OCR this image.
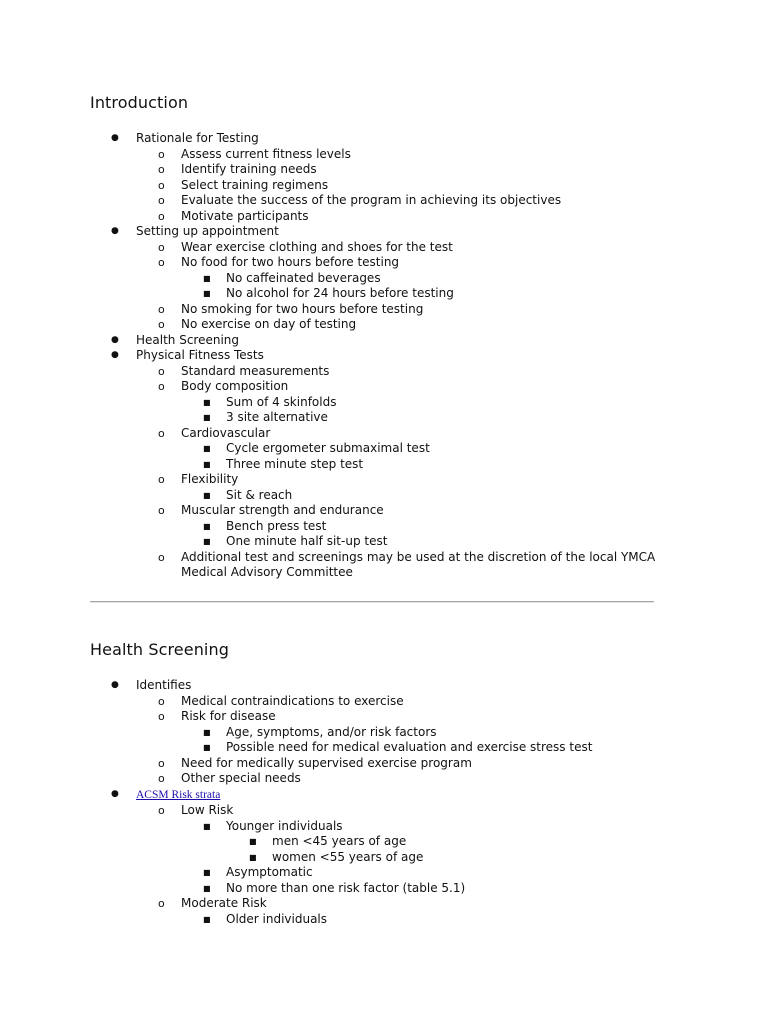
Introduction
● Rationale for Testing
o Assess current fitness levels
o Identify training needs
o Select training regimens
o Evaluate the success of the program in achieving its objectives
o Motivate participants
● Setting up appointment
o Wear exercise clothing and shoes for the test
o No food for two hours before testing
■ No caffeinated beverages
■ No alcohol for 24 hours before testing
o No smoking for two hours before testing
o No exercise on day of testing
● Health Screening
● Physical Fitness Tests
o Standard measurements
o Body composition
■ Sum of 4 skinfolds
■ 3 site alternative
o Cardiovascular
■ Cycle ergometer submaximal test
■ Three minute step test
o Flexibility
■ Sit & reach
o Muscular strength and endurance
■ Bench press test
■ One minute half sit-up test
o Additional test and screenings may be used at the discretion of the local YMCA Medical Advisory Committee
Health Screening
● Identifies
o Medical contraindications to exercise
o Risk for disease
■ Age, symptoms, and/or risk factors
■ Possible need for medical evaluation and exercise stress test
o Need for medically supervised exercise program
o Other special needs
● ACSM Risk strata
o Low Risk
■ Younger individuals
■ men <45 years of age
■ women <55 years of age
■ Asymptomatic
■ No more than one risk factor (table 5.1)
o Moderate Risk
■ Older individuals
